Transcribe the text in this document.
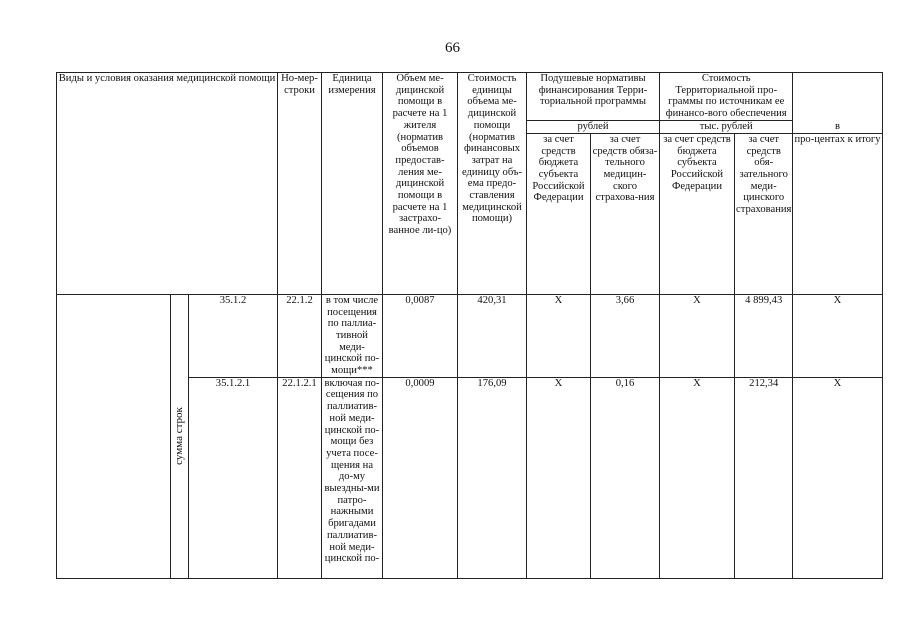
66
Виды и условия оказания медицинской помощи			Но-мер-строки	Единица измерения	Объем ме-дицинской помощи в расчете на 1 жителя (норматив объемов предостав-ления ме-дицинской помощи в расчете на 1 застрахо-ванное ли-цо)	Стоимость единицы объема ме-дицинской помощи (норматив финансовых затрат на единицу объ-ема предо-ставления медицинской помощи)	Подушевые нормативы финансирования Терри-ториальной программы		Стоимость Территориальной про-граммы по источникам ее финансо-вого обеспечения		в
							рублей		тыс. рублей		
							за счет средств бюджета субъекта Российской Федерации	за счет средств обяза-тельного медицин-ского страхова-ния	за счет средств бюджета субъекта Российской Федерации	за счет средств обя-зательного меди-цинского страхования	про-центах к итогу

	сумма строк	35.1.2	22.1.2	в том числе посещения по паллиа-тивной меди-цинской по-мощи***	0,0087	420,31	Х	3,66	Х	4 899,43	Х
		35.1.2.1	22.1.2.1	включая по-сещения по паллиатив-ной меди-цинской по-мощи без учета посе-щения на до-му выездны-ми патро-нажными бригадами паллиатив-ной меди-цинской по-	0,0009	176,09	Х	0,16	Х	212,34	Х
